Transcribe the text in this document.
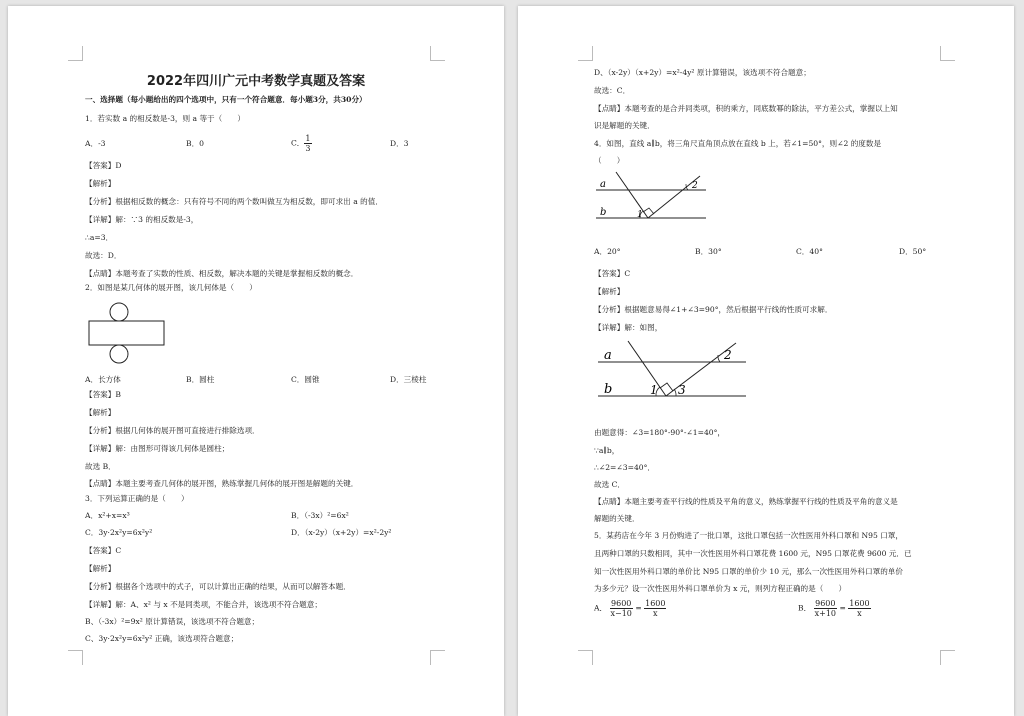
2022年四川广元中考数学真题及答案
一、选择题（每小题给出的四个选项中，只有一个符合题意．每小题3分，共30分）
1．若实数 a 的相反数是-3，则 a 等于（　　）
A．-3	B．0	C． $\frac{1}{3}$	D．3
【答案】D
【解析】
【分析】根据相反数的概念：只有符号不同的两个数叫做互为相反数，即可求出 a 的值．
【详解】解：∵3 的相反数是-3，
∴a=3．
故选：D．
【点睛】本题考查了实数的性质、相反数，解决本题的关键是掌握相反数的概念．
2．如图是某几何体的展开图，该几何体是（　　）
A．长方体	B．圆柱	C．圆锥	D．三棱柱
【答案】B
【解析】
【分析】根据几何体的展开图可直接进行排除选项．
【详解】解：由图形可得该几何体是圆柱；
故选 B．
【点睛】本题主要考查几何体的展开图，熟练掌握几何体的展开图是解题的关键．
3．下列运算正确的是（　　）
A．x²+x=x³	B．（-3x）²=6x²
C．3y·2x²y=6x²y²	D．（x-2y）（x+2y）=x²-2y²
【答案】C
【解析】
【分析】根据各个选项中的式子，可以计算出正确的结果，从而可以解答本题．
【详解】解：A、x² 与 x 不是同类项，不能合并，该选项不符合题意；
B、（-3x）²=9x² 原计算错误，该选项不符合题意；
C、3y·2x²y=6x²y² 正确，该选项符合题意；
D、（x-2y）（x+2y）=x²-4y² 原计算错误，该选项不符合题意；
故选：C．
【点睛】本题考查的是合并同类项，积的乘方，同底数幂的除法，平方差公式，掌握以上知
识是解题的关键．
4．如图，直线 a∥b，将三角尺直角顶点放在直线 b 上，若∠1=50°，则∠2 的度数是
（　　）
a
b	1
2
A．20°	B．30°	C．40°	D．50°
【答案】C
【解析】
【分析】根据题意易得∠1+∠3=90°，然后根据平行线的性质可求解．
【详解】解：如图，
a
b	1 3
2
由题意得：∠3=180°-90°-∠1=40°，
∵a∥b，
∴∠2=∠3=40°．
故选 C．
【点睛】本题主要考查平行线的性质及平角的意义，熟练掌握平行线的性质及平角的意义是
解题的关键．
5．某药店在今年 3 月份购进了一批口罩，这批口罩包括一次性医用外科口罩和 N95 口罩，
且两种口罩的只数相同，其中一次性医用外科口罩花费 1600 元，N95 口罩花费 9600 元．已
知一次性医用外科口罩的单价比 N95 口罩的单价少 10 元，那么一次性医用外科口罩的单价
为多少元？设一次性医用外科口罩单价为 x 元，则列方程正确的是（　　）
A． $\frac{9600}{x-10} = \frac{1600}{x}$	B． $\frac{9600}{x+10} = \frac{1600}{x}$
